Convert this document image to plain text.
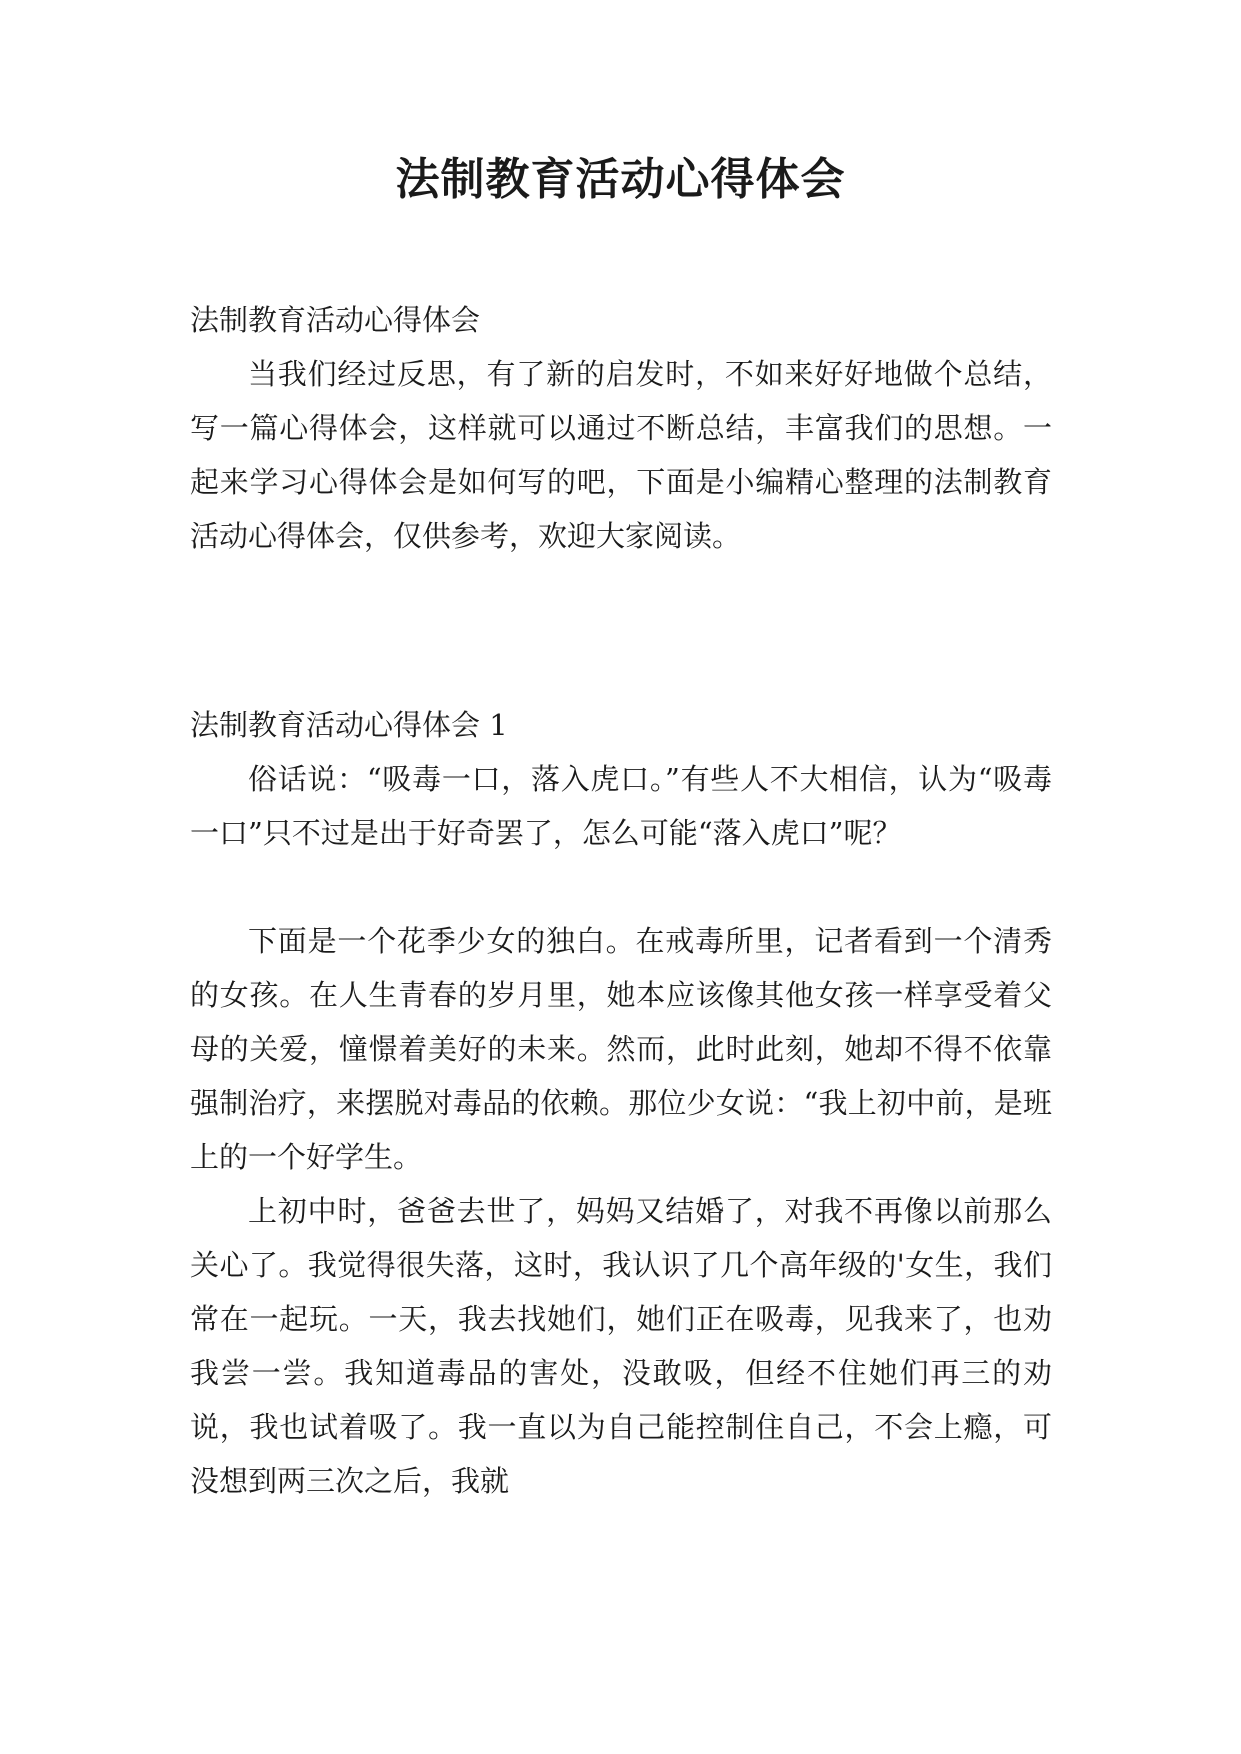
法制教育活动心得体会

法制教育活动心得体会

当我们经过反思，有了新的启发时，不如来好好地做个总结，写一篇心得体会，这样就可以通过不断总结，丰富我们的思想。一起来学习心得体会是如何写的吧，下面是小编精心整理的法制教育活动心得体会，仅供参考，欢迎大家阅读。

法制教育活动心得体会 1

俗话说：“吸毒一口，落入虎口。”有些人不大相信，认为“吸毒一口”只不过是出于好奇罢了，怎么可能“落入虎口”呢？

下面是一个花季少女的独白。在戒毒所里，记者看到一个清秀的女孩。在人生青春的岁月里，她本应该像其他女孩一样享受着父母的关爱，憧憬着美好的未来。然而，此时此刻，她却不得不依靠强制治疗，来摆脱对毒品的依赖。那位少女说：“我上初中前，是班上的一个好学生。

上初中时，爸爸去世了，妈妈又结婚了，对我不再像以前那么关心了。我觉得很失落，这时，我认识了几个高年级的'女生，我们常在一起玩。一天，我去找她们，她们正在吸毒，见我来了，也劝我尝一尝。我知道毒品的害处，没敢吸，但经不住她们再三的劝说，我也试着吸了。我一直以为自己能控制住自己，不会上瘾，可没想到两三次之后，我就
